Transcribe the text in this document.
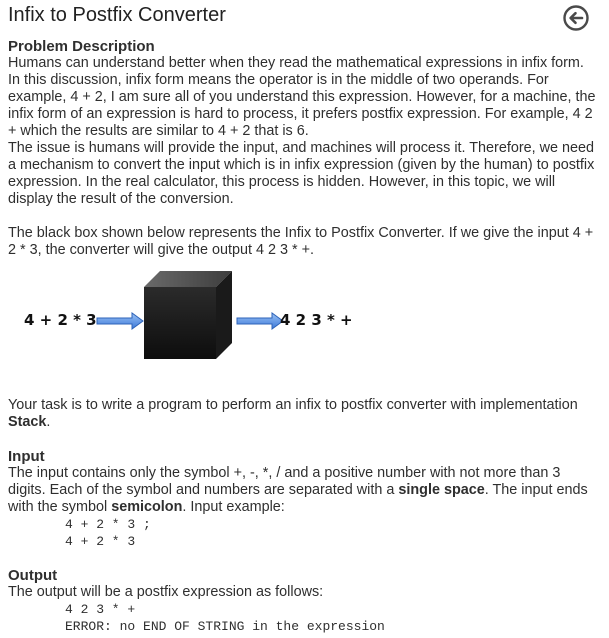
Infix to Postfix Converter
Problem Description

Humans can understand better when they read the mathematical expressions in infix form. In this discussion, infix form means the operator is in the middle of two operands. For example, 4 + 2, I am sure all of you understand this expression. However, for a machine, the infix form of an expression is hard to process, it prefers postfix expression. For example, 4 2 + which the results are similar to 4 + 2 that is 6.

The issue is humans will provide the input, and machines will process it. Therefore, we need a mechanism to convert the input which is in infix expression (given by the human) to postfix expression. In the real calculator, this process is hidden. However, in this topic, we will display the result of the conversion.

The black box shown below represents the Infix to Postfix Converter. If we give the input 4 + 2 * 3, the converter will give the output 4 2 3 * +.

4 + 2 * 3	4 2 3 * +

Your task is to write a program to perform an infix to postfix converter with implementation Stack.

Input

The input contains only the symbol +, -, *, / and a positive number with not more than 3 digits. Each of the symbol and numbers are separated with a single space. The input ends with the symbol semicolon. Input example:

4 + 2 * 3 ;
4 + 2 * 3
Output

The output will be a postfix expression as follows:

4 2 3 * +
ERROR: no END OF STRING in the expression
